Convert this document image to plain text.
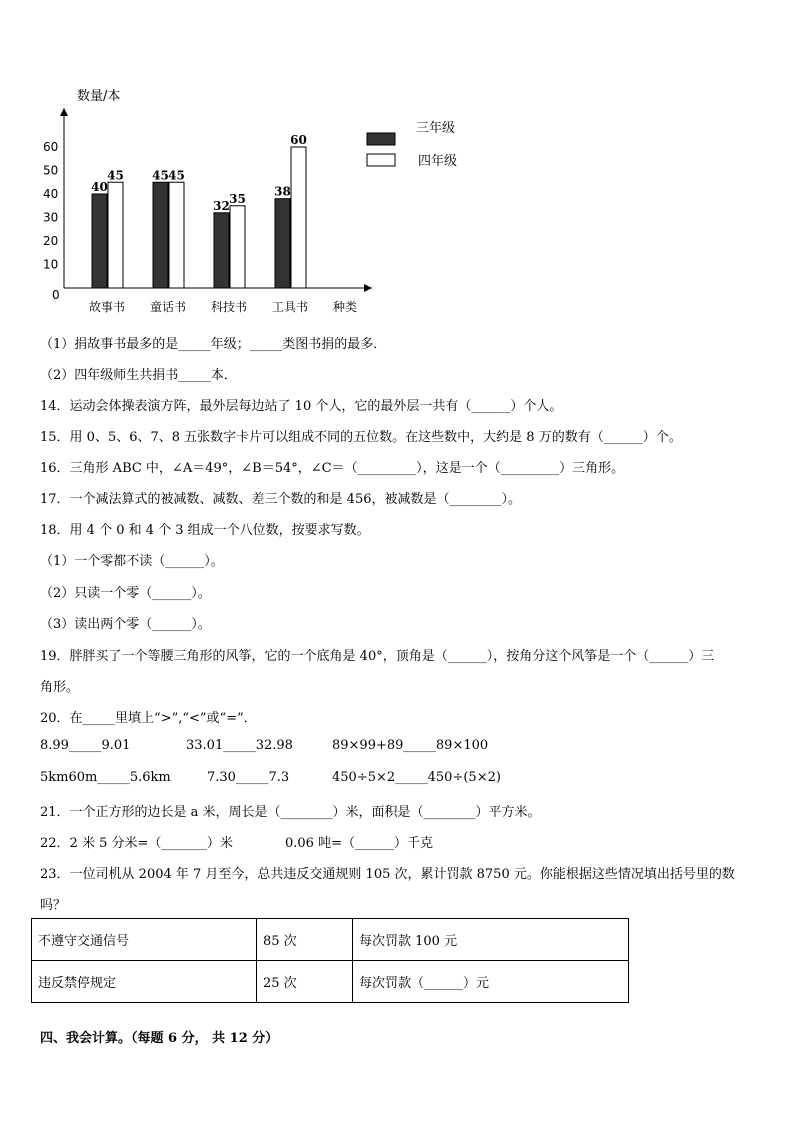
数量/本
种类
0
10
20
30
40
50
60
故事书 童话书 科技书 工具书
40
45 45 45
32
35
38
60
三年级
四年级
（1）捐故事书最多的是_____年级；_____类图书捐的最多．
（2）四年级师生共捐书_____本．
14．运动会体操表演方阵，最外层每边站了 10 个人，它的最外层一共有（______）个人。
15．用 0、5、6、7、8 五张数字卡片可以组成不同的五位数。在这些数中，大约是 8 万的数有（______）个。
16．三角形 ABC 中，∠A＝49°，∠B＝54°，∠C＝（_________），这是一个（_________）三角形。
17．一个减法算式的被减数、减数、差三个数的和是 456，被减数是（________）。
18．用 4 个 0 和 4 个 3 组成一个八位数，按要求写数。
（1）一个零都不读（______）。
（2）只读一个零（______）。
（3）读出两个零（______）。
19．胖胖买了一个等腰三角形的风筝，它的一个底角是 40°，顶角是（______），按角分这个风筝是一个（______）三
角形。
20．在_____里填上“>”,“<”或“=”．
8.99_____9.01	33.01_____32.98	89×99+89_____89×100
5km60m_____5.6km	7.30_____7.3	450÷5×2_____450÷(5×2)
21．一个正方形的边长是 a 米，周长是（________）米，面积是（________）平方米。
22．2 米 5 分米=（_______）米	0.06 吨=（______）千克
23．一位司机从 2004 年 7 月至今，总共违反交通规则 105 次，累计罚款 8750 元。你能根据这些情况填出括号里的数
吗？
不遵守交通信号	85 次	每次罚款 100 元
违反禁停规定	25 次	每次罚款（______）元
四、我会计算。（每题 6 分， 共 12 分）
